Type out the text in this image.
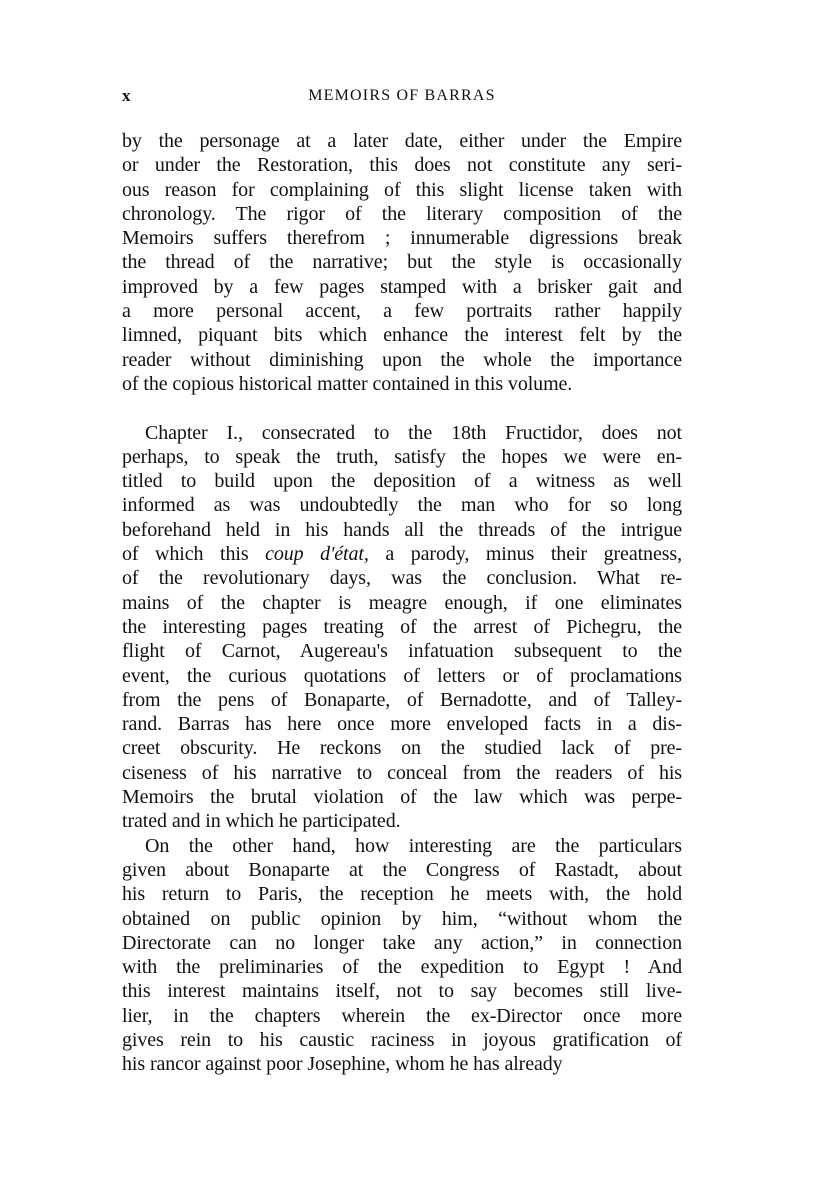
x	MEMOIRS OF BARRAS
by the personage at a later date, either under the Empire
or under the Restoration, this does not constitute any seri-
ous reason for complaining of this slight license taken with
chronology. The rigor of the literary composition of the
Memoirs suffers therefrom ; innumerable digressions break
the thread of the narrative; but the style is occasionally
improved by a few pages stamped with a brisker gait and
a more personal accent, a few portraits rather happily
limned, piquant bits which enhance the interest felt by the
reader without diminishing upon the whole the importance
of the copious historical matter contained in this volume.
Chapter I., consecrated to the 18th Fructidor, does not
perhaps, to speak the truth, satisfy the hopes we were en-
titled to build upon the deposition of a witness as well
informed as was undoubtedly the man who for so long
beforehand held in his hands all the threads of the intrigue
of which this coup d'état, a parody, minus their greatness,
of the revolutionary days, was the conclusion. What re-
mains of the chapter is meagre enough, if one eliminates
the interesting pages treating of the arrest of Pichegru, the
flight of Carnot, Augereau's infatuation subsequent to the
event, the curious quotations of letters or of proclamations
from the pens of Bonaparte, of Bernadotte, and of Talley-
rand. Barras has here once more enveloped facts in a dis-
creet obscurity. He reckons on the studied lack of pre-
ciseness of his narrative to conceal from the readers of his
Memoirs the brutal violation of the law which was perpe-
trated and in which he participated.
On the other hand, how interesting are the particulars
given about Bonaparte at the Congress of Rastadt, about
his return to Paris, the reception he meets with, the hold
obtained on public opinion by him, “without whom the
Directorate can no longer take any action,” in connection
with the preliminaries of the expedition to Egypt ! And
this interest maintains itself, not to say becomes still live-
lier, in the chapters wherein the ex-Director once more
gives rein to his caustic raciness in joyous gratification of
his rancor against poor Josephine, whom he has already
